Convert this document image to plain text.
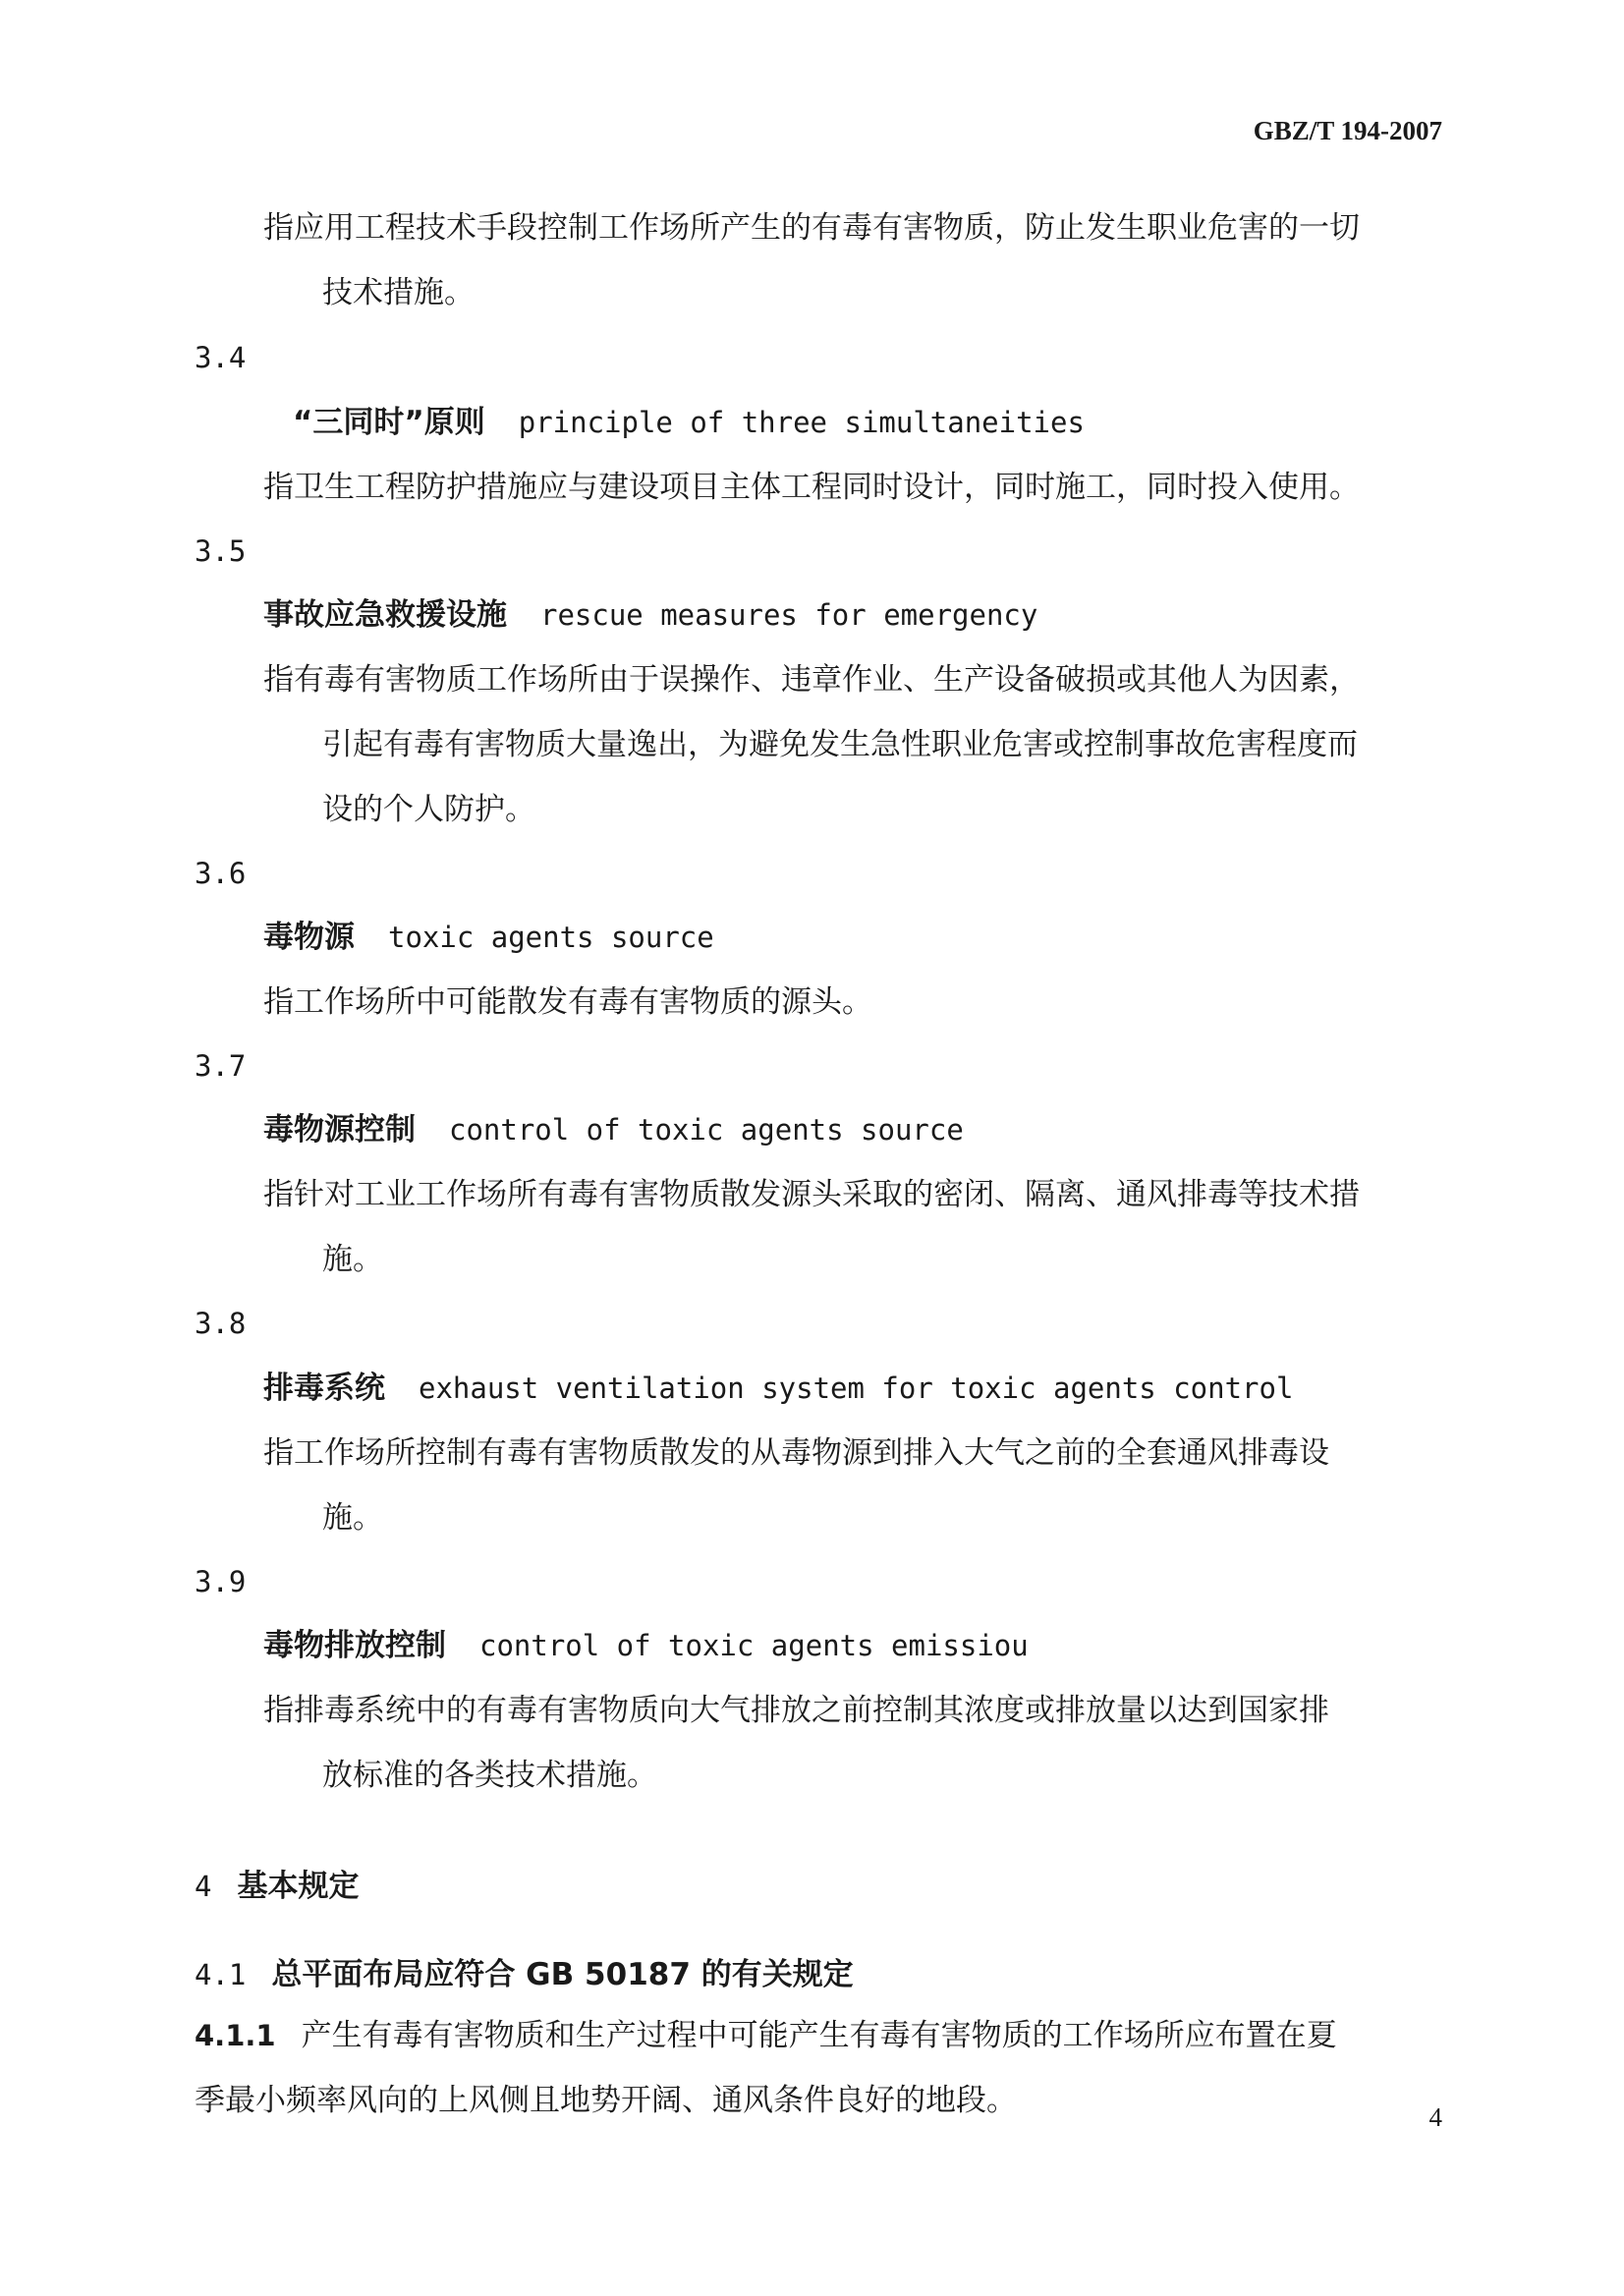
GBZ/T 194-2007
指应用工程技术手段控制工作场所产生的有毒有害物质，防止发生职业危害的一切
技术措施。
3.4
“三同时”原则 principle of three simultaneities
指卫生工程防护措施应与建设项目主体工程同时设计，同时施工，同时投入使用。
3.5
事故应急救援设施 rescue measures for emergency
指有毒有害物质工作场所由于误操作、违章作业、生产设备破损或其他人为因素，
引起有毒有害物质大量逸出，为避免发生急性职业危害或控制事故危害程度而
设的个人防护。
3.6
毒物源 toxic agents source
指工作场所中可能散发有毒有害物质的源头。
3.7
毒物源控制 control of toxic agents source
指针对工业工作场所有毒有害物质散发源头采取的密闭、隔离、通风排毒等技术措
施。
3.8
排毒系统 exhaust ventilation system for toxic agents control
指工作场所控制有毒有害物质散发的从毒物源到排入大气之前的全套通风排毒设
施。
3.9
毒物排放控制 control of toxic agents emissiou
指排毒系统中的有毒有害物质向大气排放之前控制其浓度或排放量以达到国家排
放标准的各类技术措施。
4 基本规定
4.1 总平面布局应符合 GB 50187 的有关规定
4.1.1 产生有毒有害物质和生产过程中可能产生有毒有害物质的工作场所应布置在夏
季最小频率风向的上风侧且地势开阔、通风条件良好的地段。	4
